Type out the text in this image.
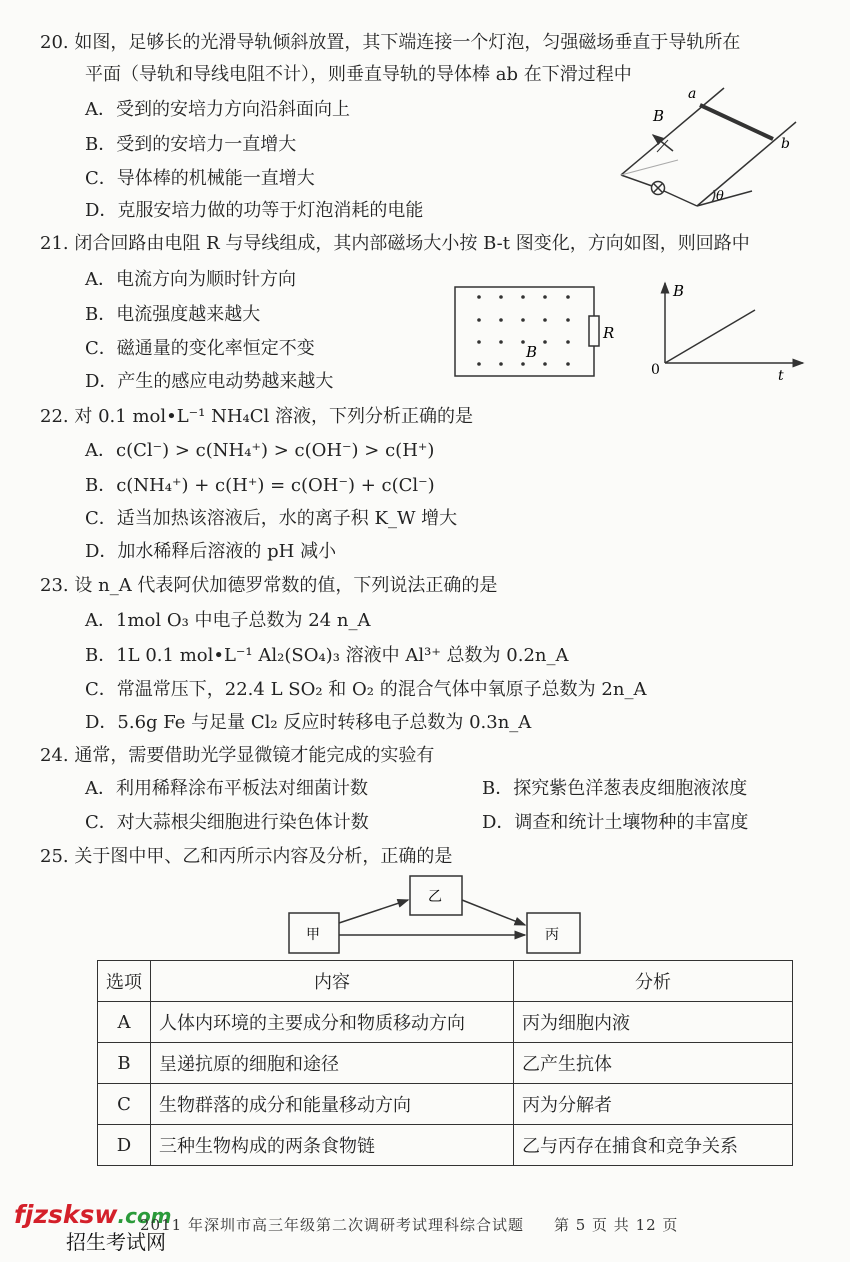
20. 如图，足够长的光滑导轨倾斜放置，其下端连接一个灯泡，匀强磁场垂直于导轨所在
平面（导轨和导线电阻不计），则垂直导轨的导体棒 ab 在下滑过程中
A．受到的安培力方向沿斜面向上
B．受到的安培力一直增大
C．导体棒的机械能一直增大
D．克服安培力做的功等于灯泡消耗的电能
21. 闭合回路由电阻 R 与导线组成，其内部磁场大小按 B-t 图变化，方向如图，则回路中
A．电流方向为顺时针方向
B．电流强度越来越大
C．磁通量的变化率恒定不变
D．产生的感应电动势越来越大
22. 对 0.1 mol•L⁻¹ NH₄Cl 溶液，下列分析正确的是
A．c(Cl⁻) > c(NH₄⁺) > c(OH⁻) > c(H⁺)
B．c(NH₄⁺) + c(H⁺) = c(OH⁻) + c(Cl⁻)
C．适当加热该溶液后，水的离子积 K_W 增大
D．加水稀释后溶液的 pH 减小
23. 设 n_A 代表阿伏加德罗常数的值，下列说法正确的是
A．1mol O₃ 中电子总数为 24 n_A
B．1L 0.1 mol•L⁻¹ Al₂(SO₄)₃ 溶液中 Al³⁺ 总数为 0.2n_A
C．常温常压下，22.4 L SO₂ 和 O₂ 的混合气体中氧原子总数为 2n_A
D．5.6g Fe 与足量 Cl₂ 反应时转移电子总数为 0.3n_A
24. 通常，需要借助光学显微镜才能完成的实验有
A．利用稀释涂布平板法对细菌计数	B．探究紫色洋葱表皮细胞液浓度
C．对大蒜根尖细胞进行染色体计数	D．调查和统计土壤物种的丰富度
25. 关于图中甲、乙和丙所示内容及分析，正确的是
a
b
B
θ
B
R
B
0	t
甲
乙
丙
选项	内容	分析
A	人体内环境的主要成分和物质移动方向	丙为细胞内液
B	呈递抗原的细胞和途径	乙产生抗体
C	生物群落的成分和能量移动方向	丙为分解者
D	三种生物构成的两条食物链	乙与丙存在捕食和竞争关系
fjzsksw.com
招生考试网
2011 年深圳市高三年级第二次调研考试理科综合试题 第 5 页 共 12 页
